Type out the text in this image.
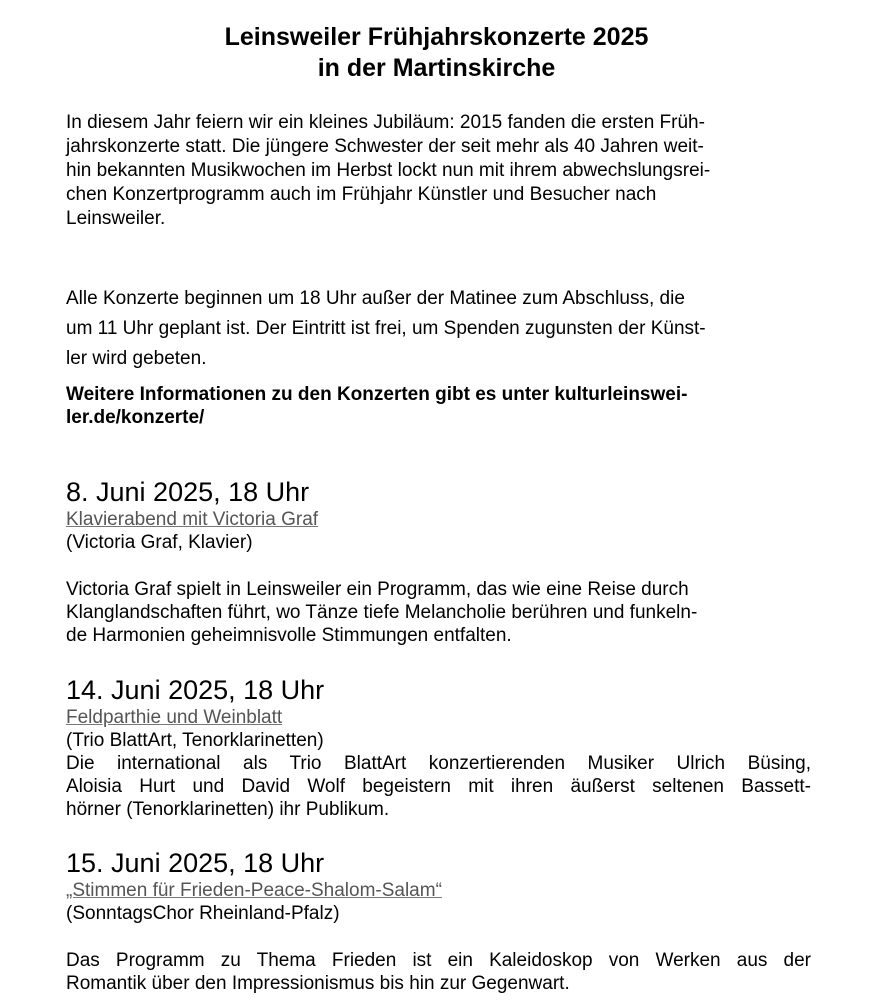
Leinsweiler Frühjahrskonzerte 2025
in der Martinskirche
In diesem Jahr feiern wir ein kleines Jubiläum: 2015 fanden die ersten Früh-
jahrskonzerte statt. Die jüngere Schwester der seit mehr als 40 Jahren weit-
hin bekannten Musikwochen im Herbst lockt nun mit ihrem abwechslungsrei-
chen Konzertprogramm auch im Frühjahr Künstler und Besucher nach
Leinsweiler.
Alle Konzerte beginnen um 18 Uhr außer der Matinee zum Abschluss, die
um 11 Uhr geplant ist. Der Eintritt ist frei, um Spenden zugunsten der Künst-
ler wird gebeten.
Weitere Informationen zu den Konzerten gibt es unter kulturleinswei-
ler.de/konzerte/
8. Juni 2025, 18 Uhr
Klavierabend mit Victoria Graf
(Victoria Graf, Klavier)
Victoria Graf spielt in Leinsweiler ein Programm, das wie eine Reise durch
Klanglandschaften führt, wo Tänze tiefe Melancholie berühren und funkeln-
de Harmonien geheimnisvolle Stimmungen entfalten.
14. Juni 2025, 18 Uhr
Feldparthie und Weinblatt
(Trio BlattArt, Tenorklarinetten)
Die international als Trio BlattArt konzertierenden Musiker Ulrich Büsing,
Aloisia Hurt und David Wolf begeistern mit ihren äußerst seltenen Bassett-
hörner (Tenorklarinetten) ihr Publikum.
15. Juni 2025, 18 Uhr
„Stimmen für Frieden-Peace-Shalom-Salam“
(SonntagsChor Rheinland-Pfalz)
Das Programm zu Thema Frieden ist ein Kaleidoskop von Werken aus der
Romantik über den Impressionismus bis hin zur Gegenwart.
